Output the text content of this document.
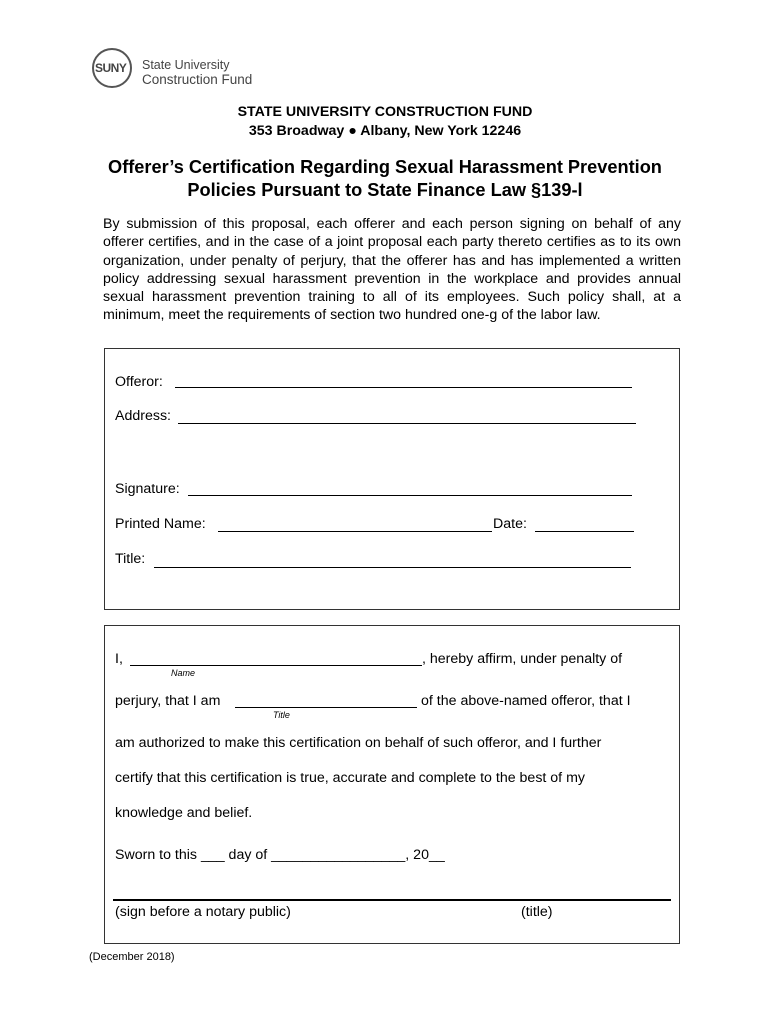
SUNY	State University
Construction Fund
STATE UNIVERSITY CONSTRUCTION FUND
353 Broadway ● Albany, New York 12246
Offerer’s Certification Regarding Sexual Harassment Prevention
Policies Pursuant to State Finance Law §139-l
By submission of this proposal, each offerer and each person signing on behalf of any offerer certifies, and in the case of a joint proposal each party thereto certifies as to its own organization, under penalty of perjury, that the offerer has and has implemented a written policy addressing sexual harassment prevention in the workplace and provides annual sexual harassment prevention training to all of its employees. Such policy shall, at a minimum, meet the requirements of section two hundred one-g of the labor law.
Offeror:
Address:
Signature:
Printed Name:	Date:
Title:
I,	, hereby affirm, under penalty of
Name
perjury, that I am	of the above-named offeror, that I
Title
am authorized to make this certification on behalf of such offeror, and I further
certify that this certification is true, accurate and complete to the best of my
knowledge and belief.
Sworn to this ___ day of _________________, 20__
(sign before a notary public)	(title)
(December 2018)
